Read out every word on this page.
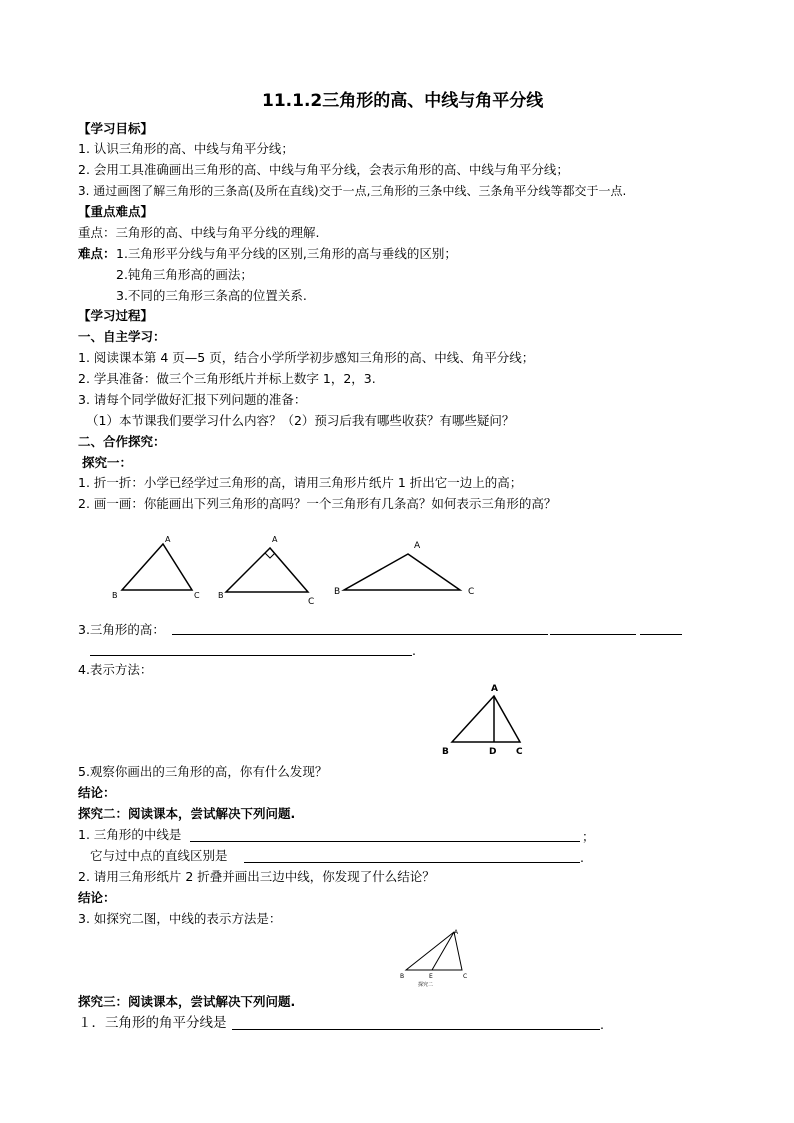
11.1.2三角形的高、中线与角平分线
【学习目标】
1. 认识三角形的高、中线与角平分线；
2. 会用工具准确画出三角形的高、中线与角平分线，会表示角形的高、中线与角平分线；
3. 通过画图了解三角形的三条高(及所在直线)交于一点,三角形的三条中线、三条角平分线等都交于一点.
【重点难点】
重点：三角形的高、中线与角平分线的理解.
难点： 1.三角形平分线与角平分线的区别,三角形的高与垂线的区别；
2.钝角三角形高的画法；
3.不同的三角形三条高的位置关系.
【学习过程】
一、自主学习：
1. 阅读课本第 4 页—5 页，结合小学所学初步感知三角形的高、中线、角平分线；
2. 学具准备：做三个三角形纸片并标上数字 1，2，3.
3. 请每个同学做好汇报下列问题的准备：
（1）本节课我们要学习什么内容？（2）预习后我有哪些收获？有哪些疑问？
二、合作探究：
探究一：
1. 折一折：小学已经学过三角形的高，请用三角形片纸片 1 折出它一边上的高；
2. 画一画：你能画出下列三角形的高吗？一个三角形有几条高？如何表示三角形的高？
A
B	C
A
B
C
A
B	C
3.三角形的高：
.
4.表示方法：
A
B	D C
5.观察你画出的三角形的高，你有什么发现？
结论：
探究二：阅读课本，尝试解决下列问题.
1. 三角形的中线是	；
它与过中点的直线区别是	.
2. 请用三角形纸片 2 折叠并画出三边中线，你发现了什么结论？
结论：
3. 如探究二图，中线的表示方法是：
A
B	E	C
探究二
探究三：阅读课本，尝试解决下列问题.
１．三角形的角平分线是	.
